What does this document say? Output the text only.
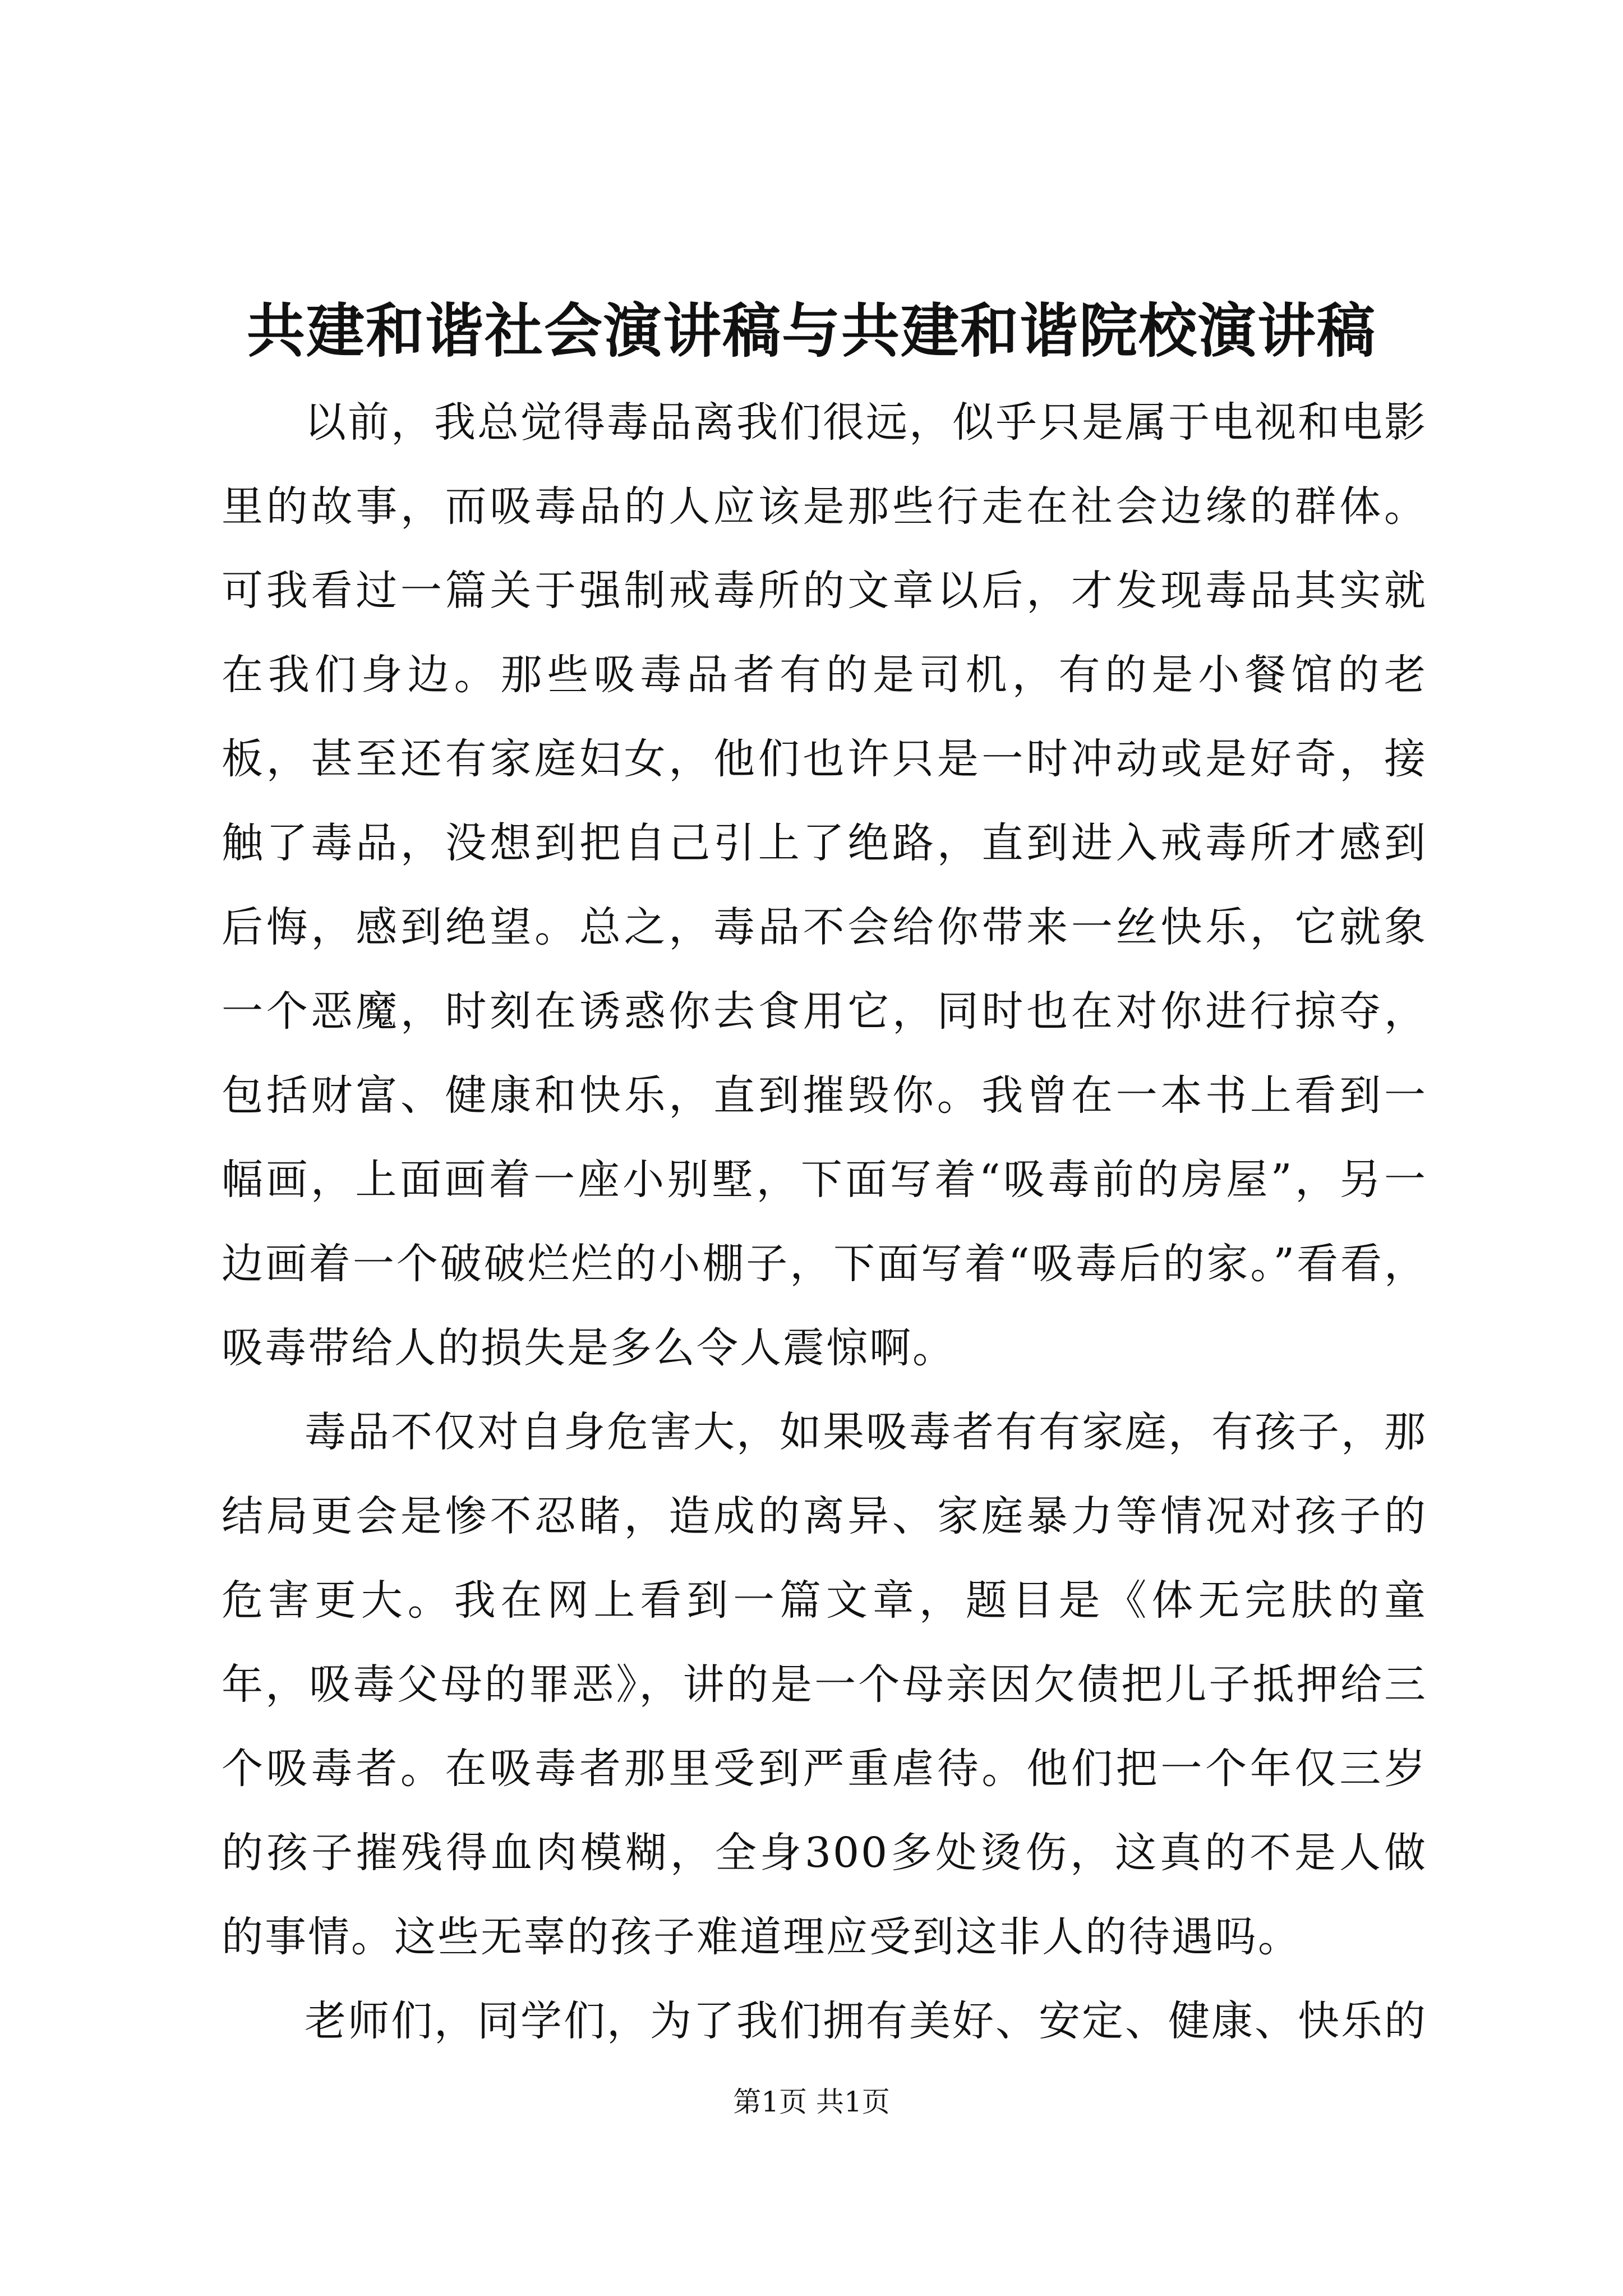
共建和谐社会演讲稿与共建和谐院校演讲稿

以前，我总觉得毒品离我们很远，似乎只是属于电视和电影里的故事，而吸毒品的人应该是那些行走在社会边缘的群体。可我看过一篇关于强制戒毒所的文章以后，才发现毒品其实就在我们身边。那些吸毒品者有的是司机，有的是小餐馆的老板，甚至还有家庭妇女，他们也许只是一时冲动或是好奇，接触了毒品，没想到把自己引上了绝路，直到进入戒毒所才感到后悔，感到绝望。总之，毒品不会给你带来一丝快乐，它就象一个恶魔，时刻在诱惑你去食用它，同时也在对你进行掠夺，包括财富、健康和快乐，直到摧毁你。我曾在一本书上看到一幅画，上面画着一座小别墅，下面写着“吸毒前的房屋”，另一边画着一个破破烂烂的小棚子，下面写着“吸毒后的家。”看看，吸毒带给人的损失是多么令人震惊啊。

毒品不仅对自身危害大，如果吸毒者有有家庭，有孩子，那结局更会是惨不忍睹，造成的离异、家庭暴力等情况对孩子的危害更大。我在网上看到一篇文章，题目是《体无完肤的童年，吸毒父母的罪恶》，讲的是一个母亲因欠债把儿子抵押给三个吸毒者。在吸毒者那里受到严重虐待。他们把一个年仅三岁的孩子摧残得血肉模糊，全身300多处烫伤，这真的不是人做的事情。这些无辜的孩子难道理应受到这非人的待遇吗。

老师们，同学们，为了我们拥有美好、安定、健康、快乐的

第1页 共1页
